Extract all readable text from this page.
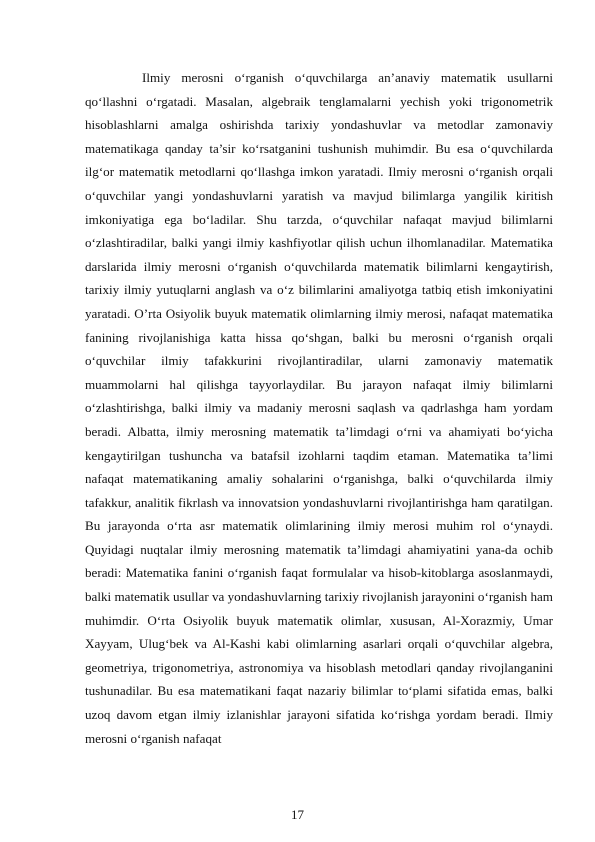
Ilmiy merosni o‘rganish o‘quvchilarga an’anaviy matematik usullarni qo‘llashni o‘rgatadi. Masalan, algebraik tenglamalarni yechish yoki trigonometrik hisoblashlarni amalga oshirishda tarixiy yondashuvlar va metodlar zamonaviy matematikaga qanday ta’sir ko‘rsatganini tushunish muhimdir. Bu esa o‘quvchilarda ilg‘or matematik metodlarni qo‘llashga imkon yaratadi. Ilmiy merosni o‘rganish orqali o‘quvchilar yangi yondashuvlarni yaratish va mavjud bilimlarga yangilik kiritish imkoniyatiga ega bo‘ladilar. Shu tarzda, o‘quvchilar nafaqat mavjud bilimlarni o‘zlashtiradilar, balki yangi ilmiy kashfiyotlar qilish uchun ilhomlanadilar. Matematika darslarida ilmiy merosni o‘rganish o‘quvchilarda matematik bilimlarni kengaytirish, tarixiy ilmiy yutuqlarni anglash va o‘z bilimlarini amaliyotga tatbiq etish imkoniyatini yaratadi. O’rta Osiyolik buyuk matematik olimlarning ilmiy merosi, nafaqat matematika fanining rivojlanishiga katta hissa qo‘shgan, balki bu merosni o‘rganish orqali o‘quvchilar ilmiy tafakkurini rivojlantiradilar, ularni zamonaviy matematik muammolarni hal qilishga tayyorlaydilar. Bu jarayon nafaqat ilmiy bilimlarni o‘zlashtirishga, balki ilmiy va madaniy merosni saqlash va qadrlashga ham yordam beradi. Albatta, ilmiy merosning matematik ta’limdagi o‘rni va ahamiyati bo‘yicha kengaytirilgan tushuncha va batafsil izohlarni taqdim etaman. Matematika ta’limi nafaqat matematikaning amaliy sohalarini o‘rganishga, balki o‘quvchilarda ilmiy tafakkur, analitik fikrlash va innovatsion yondashuvlarni rivojlantirishga ham qaratilgan. Bu jarayonda o‘rta asr matematik olimlarining ilmiy merosi muhim rol o‘ynaydi. Quyidagi nuqtalar ilmiy merosning matematik ta’limdagi ahamiyatini yana-da ochib beradi: Matematika fanini o‘rganish faqat formulalar va hisob-kitoblarga asoslanmaydi, balki matematik usullar va yondashuvlarning tarixiy rivojlanish jarayonini o‘rganish ham muhimdir. O‘rta Osiyolik buyuk matematik olimlar, xususan, Al-Xorazmiy, Umar Xayyam, Ulug‘bek va Al-Kashi kabi olimlarning asarlari orqali o‘quvchilar algebra, geometriya, trigonometriya, astronomiya va hisoblash metodlari qanday rivojlanganini tushunadilar. Bu esa matematikani faqat nazariy bilimlar to‘plami sifatida emas, balki uzoq davom etgan ilmiy izlanishlar jarayoni sifatida ko‘rishga yordam beradi. Ilmiy merosni o‘rganish nafaqat

17
